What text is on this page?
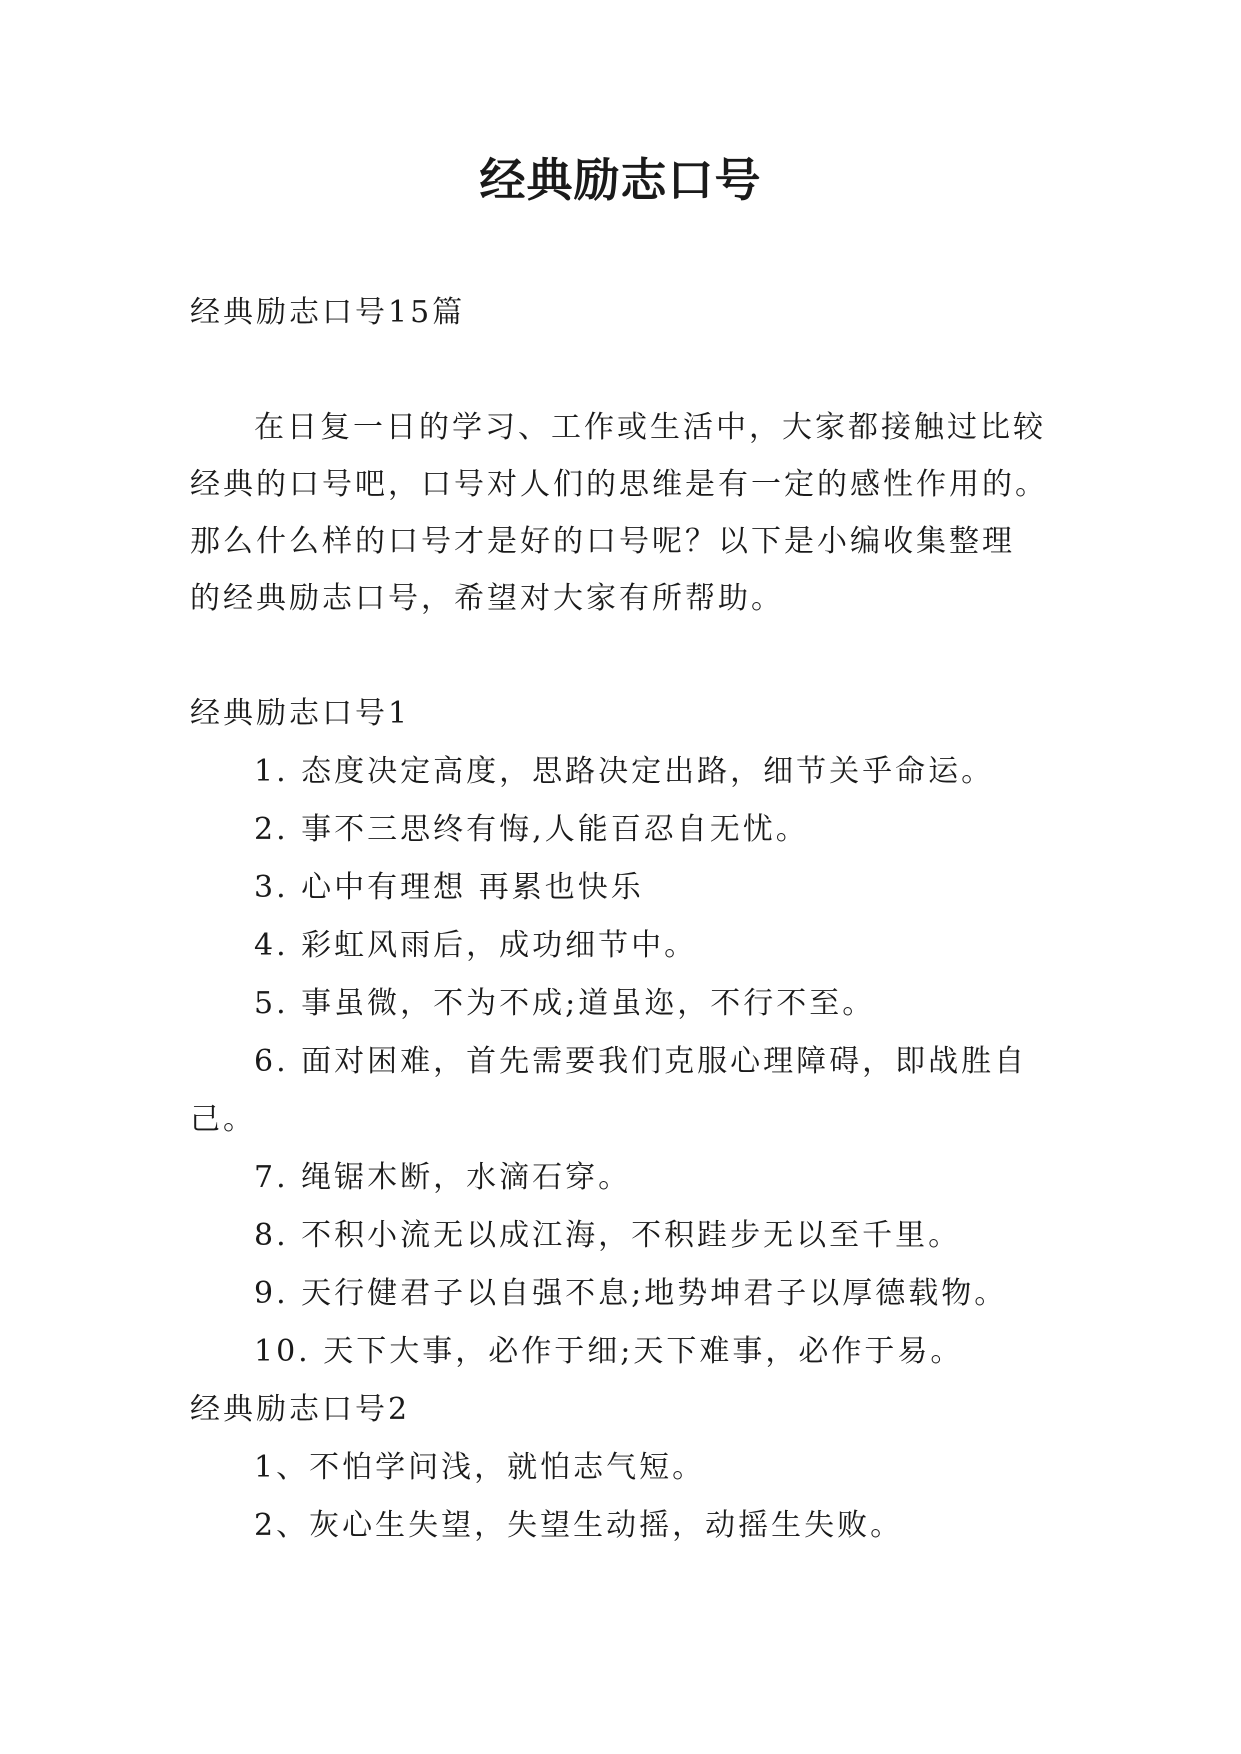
经典励志口号
经典励志口号15篇
在日复一日的学习、工作或生活中，大家都接触过比较
经典的口号吧，口号对人们的思维是有一定的感性作用的。
那么什么样的口号才是好的口号呢？以下是小编收集整理
的经典励志口号，希望对大家有所帮助。
经典励志口号1
1. 态度决定高度，思路决定出路，细节关乎命运。
2. 事不三思终有悔,人能百忍自无忧。
3. 心中有理想 再累也快乐
4. 彩虹风雨后，成功细节中。
5. 事虽微，不为不成;道虽迩，不行不至。
6. 面对困难，首先需要我们克服心理障碍，即战胜自
己。
7. 绳锯木断，水滴石穿。
8. 不积小流无以成江海，不积跬步无以至千里。
9. 天行健君子以自强不息;地势坤君子以厚德载物。
10. 天下大事，必作于细;天下难事，必作于易。
经典励志口号2
1、不怕学问浅，就怕志气短。
2、灰心生失望，失望生动摇，动摇生失败。
